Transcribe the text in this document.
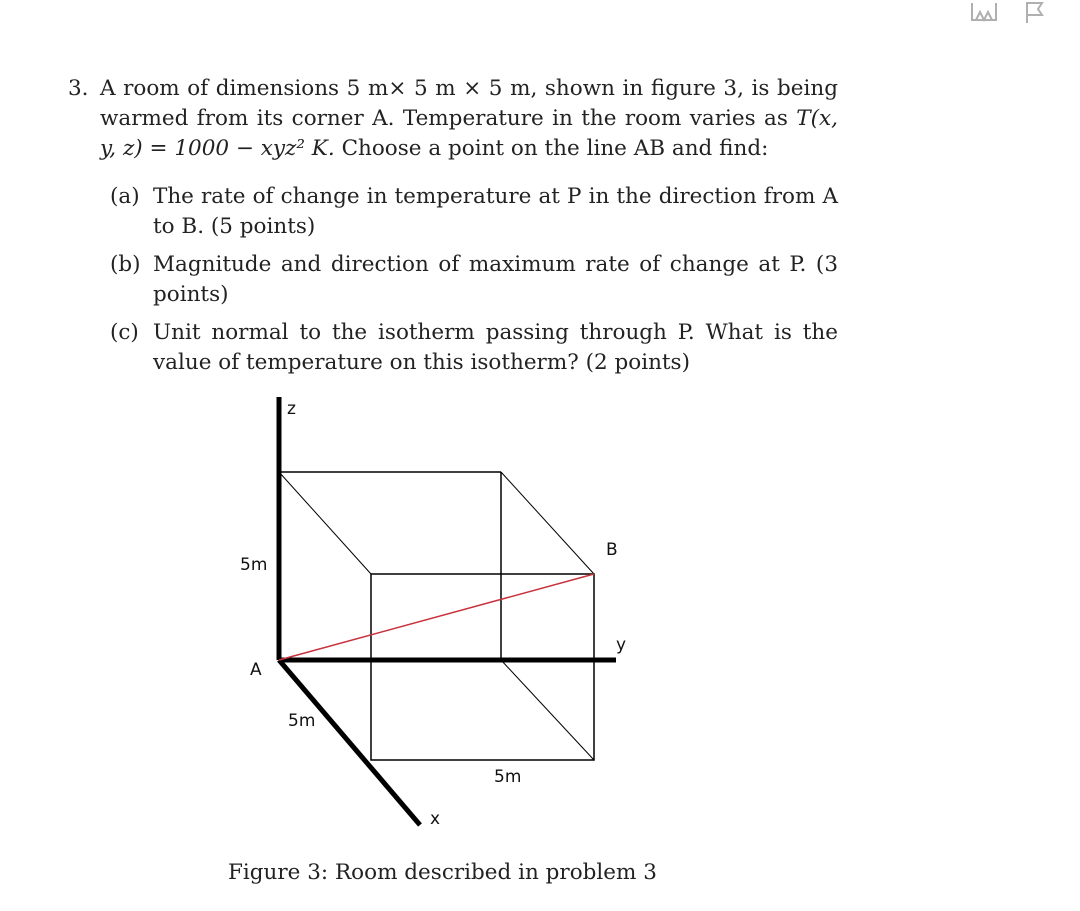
3. A room of dimensions 5 m× 5 m × 5 m, shown in figure 3, is being warmed from its corner A. Temperature in the room varies as T(x, y, z) = 1000 − xyz² K. Choose a point on the line AB and find:
(a) The rate of change in temperature at P in the direction from A to B. (5 points)
(b) Magnitude and direction of maximum rate of change at P. (3 points)
(c) Unit normal to the isotherm passing through P. What is the value of temperature on this isotherm? (2 points)
z
y
x
A
B
5m
5m
5m
Figure 3: Room described in problem 3
